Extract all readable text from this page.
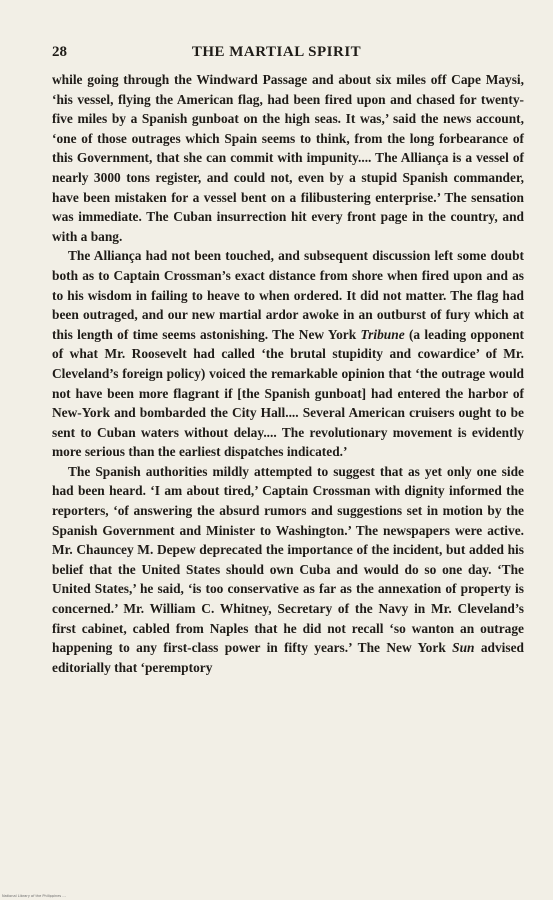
28	THE MARTIAL SPIRIT

while going through the Windward Passage and about six miles off Cape Maysi, ‘his vessel, flying the American flag, had been fired upon and chased for twenty-five miles by a Spanish gunboat on the high seas. It was,’ said the news account, ‘one of those outrages which Spain seems to think, from the long forbearance of this Government, that she can commit with impunity.... The Alliança is a vessel of nearly 3000 tons register, and could not, even by a stupid Spanish commander, have been mistaken for a vessel bent on a filibustering enterprise.’ The sensation was immediate. The Cuban insurrection hit every front page in the country, and with a bang.

The Alliança had not been touched, and subsequent discussion left some doubt both as to Captain Crossman’s exact distance from shore when fired upon and as to his wisdom in failing to heave to when ordered. It did not matter. The flag had been outraged, and our new martial ardor awoke in an outburst of fury which at this length of time seems astonishing. The New York Tribune (a leading opponent of what Mr. Roosevelt had called ‘the brutal stupidity and cowardice’ of Mr. Cleveland’s foreign policy) voiced the remarkable opinion that ‘the outrage would not have been more flagrant if [the Spanish gunboat] had entered the harbor of New-York and bombarded the City Hall.... Several American cruisers ought to be sent to Cuban waters without delay.... The revolutionary movement is evidently more serious than the earliest dispatches indicated.’

The Spanish authorities mildly attempted to suggest that as yet only one side had been heard. ‘I am about tired,’ Captain Crossman with dignity informed the reporters, ‘of answering the absurd rumors and suggestions set in motion by the Spanish Government and Minister to Washington.’ The newspapers were active. Mr. Chauncey M. Depew deprecated the importance of the incident, but added his belief that the United States should own Cuba and would do so one day. ‘The United States,’ he said, ‘is too conservative as far as the annexation of property is concerned.’ Mr. William C. Whitney, Secretary of the Navy in Mr. Cleveland’s first cabinet, cabled from Naples that he did not recall ‘so wanton an outrage happening to any first-class power in fifty years.’ The New York Sun advised editorially that ‘peremptory

National Library of the Philippines ...
